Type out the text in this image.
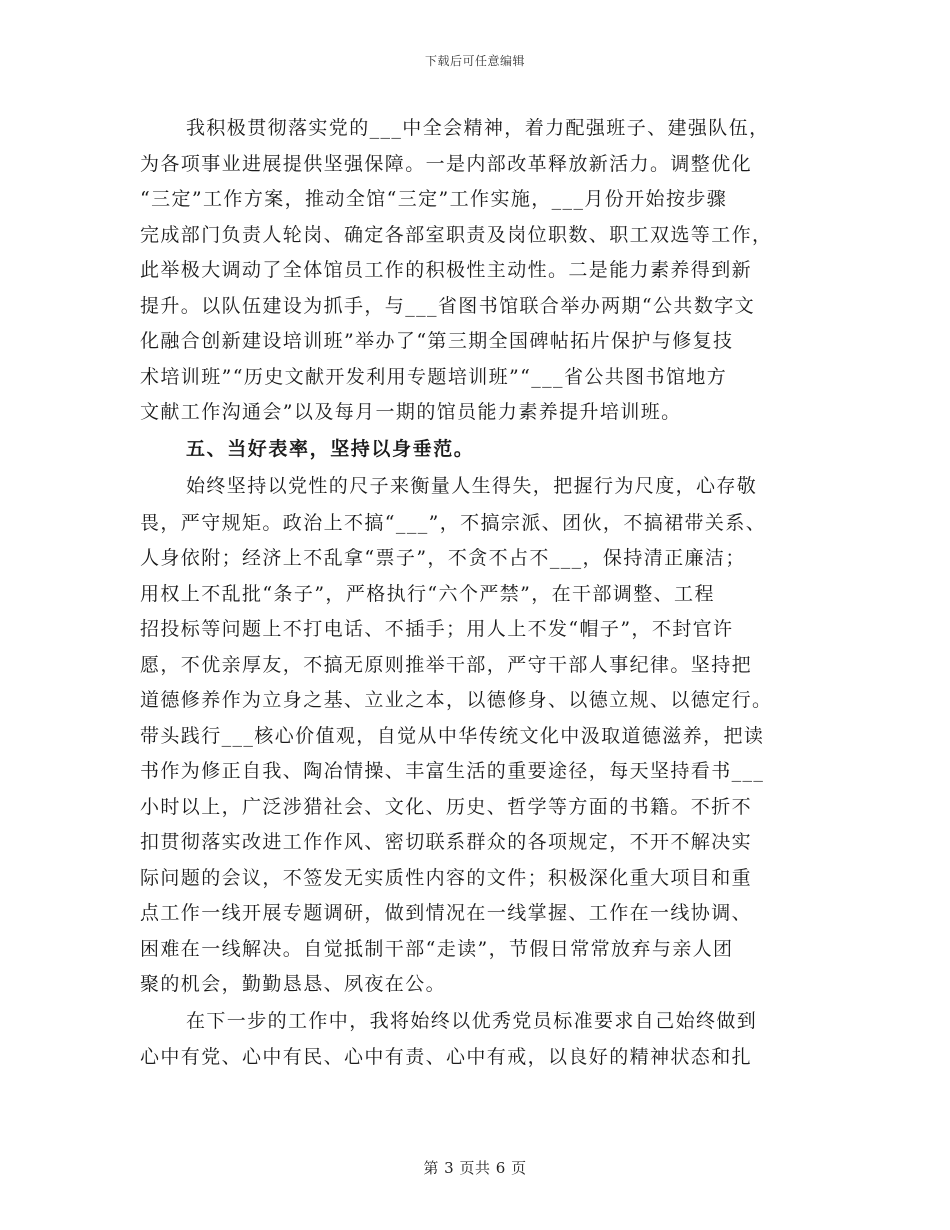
下载后可任意编辑
我积极贯彻落实党的___中全会精神，着力配强班子、建强队伍，
为各项事业进展提供坚强保障。一是内部改革释放新活力。调整优化
“三定”工作方案，推动全馆“三定”工作实施，___月份开始按步骤
完成部门负责人轮岗、确定各部室职责及岗位职数、职工双选等工作，
此举极大调动了全体馆员工作的积极性主动性。二是能力素养得到新
提升。以队伍建设为抓手，与___省图书馆联合举办两期“公共数字文
化融合创新建设培训班”举办了“第三期全国碑帖拓片保护与修复技
术培训班”“历史文献开发利用专题培训班”“___省公共图书馆地方
文献工作沟通会”以及每月一期的馆员能力素养提升培训班。
五、当好表率，坚持以身垂范。
始终坚持以党性的尺子来衡量人生得失，把握行为尺度，心存敬
畏，严守规矩。政治上不搞“___”，不搞宗派、团伙，不搞裙带关系、
人身依附；经济上不乱拿“票子”，不贪不占不___，保持清正廉洁；
用权上不乱批“条子”，严格执行“六个严禁”，在干部调整、工程
招投标等问题上不打电话、不插手；用人上不发“帽子”，不封官许
愿，不优亲厚友，不搞无原则推举干部，严守干部人事纪律。坚持把
道德修养作为立身之基、立业之本，以德修身、以德立规、以德定行。
带头践行___核心价值观，自觉从中华传统文化中汲取道德滋养，把读
书作为修正自我、陶冶情操、丰富生活的重要途径，每天坚持看书___
小时以上，广泛涉猎社会、文化、历史、哲学等方面的书籍。不折不
扣贯彻落实改进工作作风、密切联系群众的各项规定，不开不解决实
际问题的会议，不签发无实质性内容的文件；积极深化重大项目和重
点工作一线开展专题调研，做到情况在一线掌握、工作在一线协调、
困难在一线解决。自觉抵制干部“走读”，节假日常常放弃与亲人团
聚的机会，勤勤恳恳、夙夜在公。
在下一步的工作中，我将始终以优秀党员标准要求自己始终做到
心中有党、心中有民、心中有责、心中有戒，以良好的精神状态和扎
第 3 页共 6 页
